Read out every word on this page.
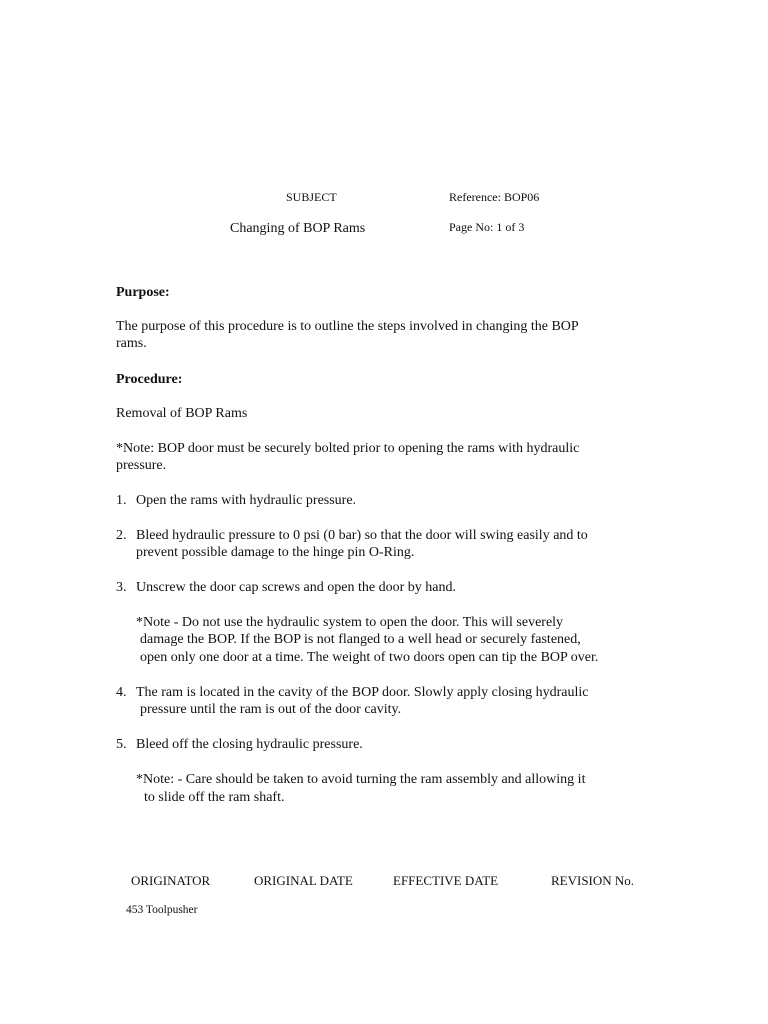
SUBJECT	Reference: BOP06
Changing of BOP Rams	Page No: 1 of 3
Purpose:
The purpose of this procedure is to outline the steps involved in changing the BOP
rams.
Procedure:
Removal of BOP Rams
*Note: BOP door must be securely bolted prior to opening the rams with hydraulic
pressure.
1. Open the rams with hydraulic pressure.
2. Bleed hydraulic pressure to 0 psi (0 bar) so that the door will swing easily and to
prevent possible damage to the hinge pin O-Ring.
3. Unscrew the door cap screws and open the door by hand.
*Note - Do not use the hydraulic system to open the door. This will severely
damage the BOP. If the BOP is not flanged to a well head or securely fastened,
open only one door at a time. The weight of two doors open can tip the BOP over.
4. The ram is located in the cavity of the BOP door. Slowly apply closing hydraulic
pressure until the ram is out of the door cavity.
5. Bleed off the closing hydraulic pressure.
*Note: - Care should be taken to avoid turning the ram assembly and allowing it
to slide off the ram shaft.
ORIGINATOR	ORIGINAL DATE	EFFECTIVE DATE	REVISION No.
453 Toolpusher
